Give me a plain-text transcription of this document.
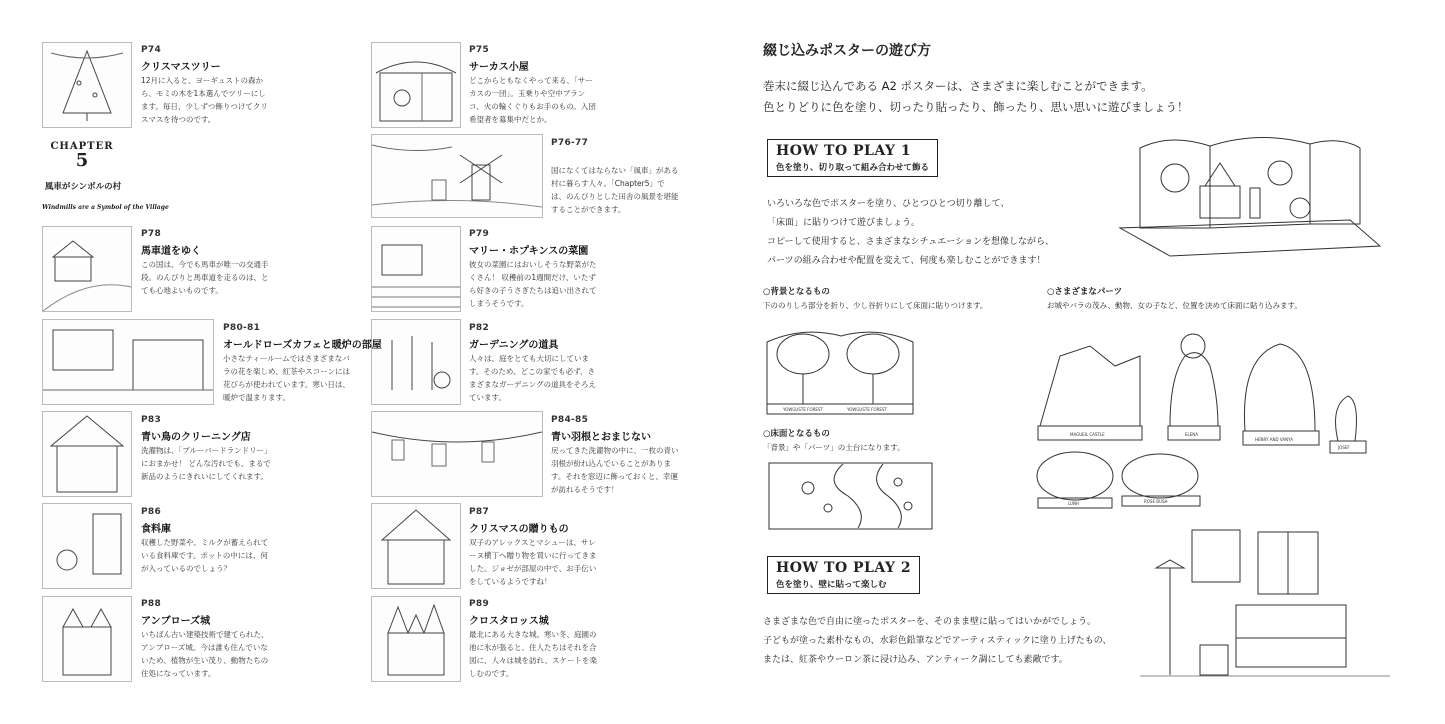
P74
クリスマスツリー
12月に入ると、ヨーギュストの森から、モミの木を1本選んでツリーにします。毎日、少しずつ飾りつけてクリスマスを待つのです。
P75
サーカス小屋
どこからともなくやって来る、「サーカスの一団」。玉乗りや空中ブランコ、火の輪くぐりもお手のもの。入団希望者を募集中だとか。
P76-77
国になくてはならない「風車」がある村に暮らす人々。「Chapter5」では、のんびりとした田舎の風景を堪能することができます。
P78
馬車道をゆく
この国は、今でも馬車が唯一の交通手段。のんびりと馬車道を走るのは、とても心地よいものです。
P79
マリー・ホプキンスの菜園
彼女の菜園にはおいしそうな野菜がたくさん！ 収穫前の1週間だけ、いたずら好きの子うさぎたちは追い出されてしまうそうです。
P80-81
オールドローズカフェと暖炉の部屋
小さなティールームではさまざまなバラの花を楽しめ、紅茶やスコーンには花びらが使われています。寒い日は、暖炉で温まります。
P82
ガーデニングの道具
人々は、庭をとても大切にしています。そのため、どこの家でも必ず、さまざまなガーデニングの道具をそろえています。
P83
青い鳥のクリーニング店
洗濯物は、「ブルーバードランドリー」におまかせ！ どんな汚れでも、まるで新品のようにきれいにしてくれます。
P84-85
青い羽根とおまじない
戻ってきた洗濯物の中に、一枚の青い羽根が紛れ込んでいることがあります。それを窓辺に飾っておくと、幸運が訪れるそうです！
P86
食料庫
収穫した野菜や、ミルクが蓄えられている食料庫です。ポットの中には、何が入っているのでしょう？
P87
クリスマスの贈りもの
双子のアレックスとマシューは、サレーヌ横丁へ贈り物を買いに行ってきました。ジョゼが部屋の中で、お手伝いをしているようですね！
P88
アンブローズ城
いちばん古い建築技術で建てられた、アンブローズ城。今は誰も住んでいないため、植物が生い茂り、動物たちの住処になっています。
P89
クロスタロッス城
最北にある大きな城。寒い冬、庭園の池に氷が張ると、住人たちはそれを合図に、人々は城を訪れ、スケートを楽しむのです。
CHAPTER
5
風車がシンボルの村
Windmills are a Symbol of the Village
綴じ込みポスターの遊び方
巻末に綴じ込んである A2 ポスターは、さまざまに楽しむことができます。
色とりどりに色を塗り、切ったり貼ったり、飾ったり、思い思いに遊びましょう！
HOW TO PLAY 1
色を塗り、切り取って組み合わせて飾る
いろいろな色でポスターを塗り、ひとつひとつ切り離して、
「床面」に貼りつけて遊びましょう。
コピーして使用すると、さまざまなシチュエーションを想像しながら、
パーツの組み合わせや配置を変えて、何度も楽しむことができます！
○背景となるもの
下ののりしろ部分を折り、少し谷折りにして床面に貼りつけます。
YOWGUSTE FOREST	YOWGUSTE FOREST
○床面となるもの
「背景」や「パーツ」の土台になります。
○さまざまなパーツ
お城やバラの茂み、動物、女の子など、位置を決めて床面に貼り込みます。
MAGUEIL CASTLE	ELENA
HENRY AND VANYA
JOSEF
LUNH	ROSE BUSH
HOW TO PLAY 2
色を塗り、壁に貼って楽しむ
さまざまな色で自由に塗ったポスターを、そのまま壁に貼ってはいかがでしょう。
子どもが塗った素朴なもの、水彩色鉛筆などでアーティスティックに塗り上げたもの、
または、紅茶やウーロン茶に浸け込み、アンティーク調にしても素敵です。
